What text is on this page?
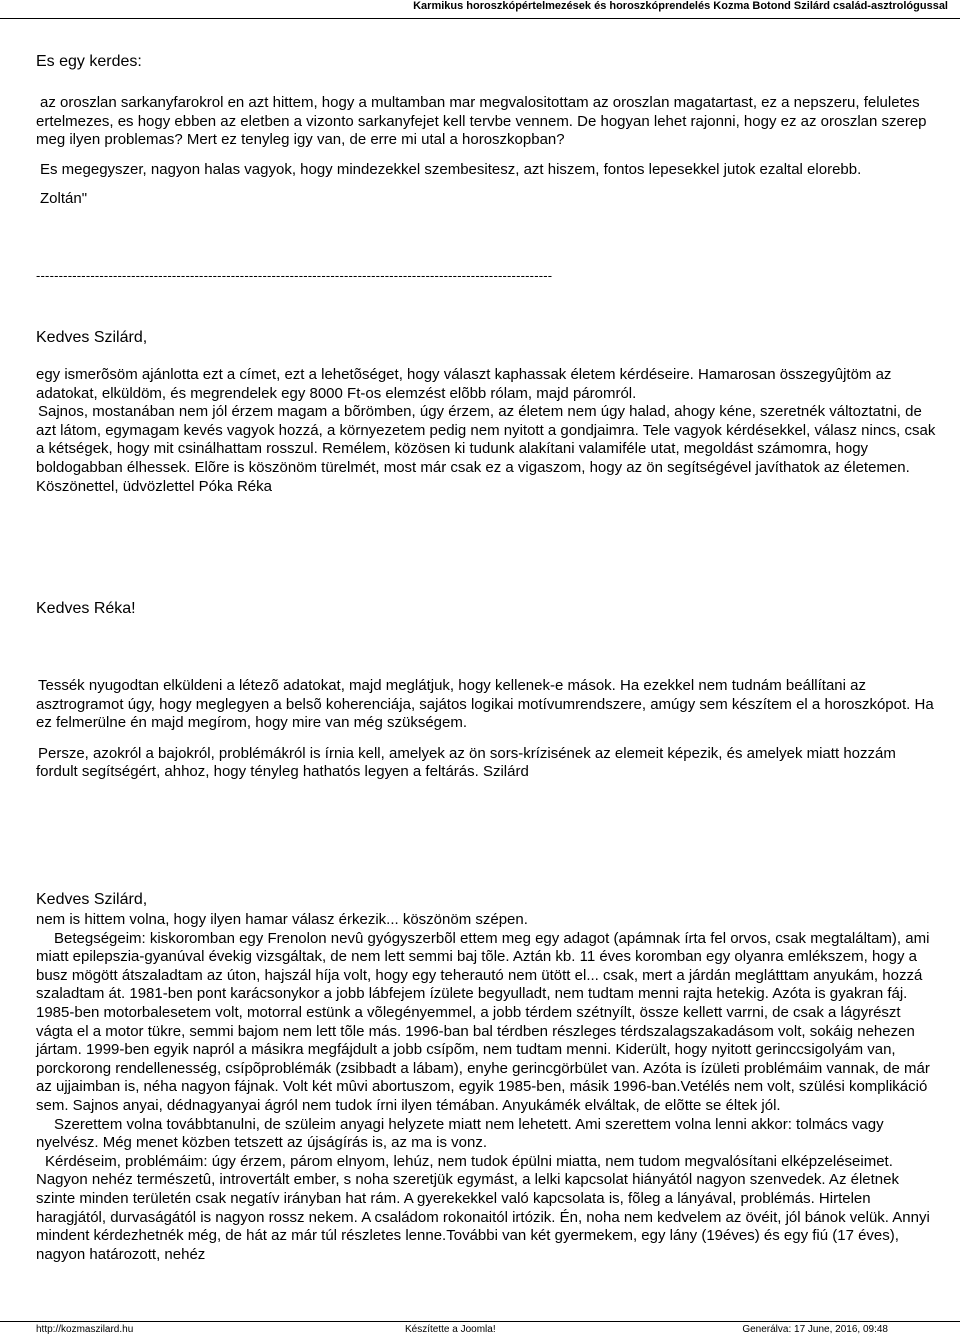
Karmikus horoszkópértelmezések és horoszkóprendelés Kozma Botond Szilárd család-asztrológussal
Es egy kerdes:

az oroszlan sarkanyfarokrol en azt hittem, hogy a multamban mar megvalositottam az oroszlan magatartast, ez a nepszeru, feluletes ertelmezes, es hogy ebben az eletben a vizonto sarkanyfejet kell tervbe vennem. De hogyan lehet rajonni, hogy ez az oroszlan szerep meg ilyen problemas? Mert ez tenyleg igy van, de erre mi utal a horoszkopban?

Es megegyszer, nagyon halas vagyok, hogy mindezekkel szembesitesz, azt hiszem, fontos lepesekkel jutok ezaltal elorebb.

Zoltán"

------------------------------------------------------------------------------------------------------------------
Kedves Szilárd,

egy ismerõsöm ajánlotta ezt a címet, ezt a lehetõséget, hogy választ kaphassak életem kérdéseire. Hamarosan összegyûjtöm az adatokat, elküldöm, és megrendelek egy 8000 Ft-os elemzést elõbb rólam, majd páromról.

Sajnos, mostanában nem jól érzem magam a bõrömben, úgy érzem, az életem nem úgy halad, ahogy kéne, szeretnék változtatni, de azt látom, egymagam kevés vagyok hozzá, a környezetem pedig nem nyitott a gondjaimra. Tele vagyok kérdésekkel, válasz nincs, csak a kétségek, hogy mit csinálhattam rosszul. Remélem, közösen ki tudunk alakítani valamiféle utat, megoldást számomra, hogy boldogabban élhessek. Elõre is köszönöm türelmét, most már csak ez a vigaszom, hogy az ön segítségével javíthatok az életemen. Köszönettel, üdvözlettel Póka Réka

Kedves Réka!

Tessék nyugodtan elküldeni a létezõ adatokat, majd meglátjuk, hogy kellenek-e mások. Ha ezekkel nem tudnám beállítani az asztrogramot úgy, hogy meglegyen a belsõ koherenciája, sajátos logikai motívumrendszere, amúgy sem készítem el a horoszkópot. Ha ez felmerülne én majd megírom, hogy mire van még szükségem.

Persze, azokról a bajokról, problémákról is írnia kell, amelyek az ön sors-krízisének az elemeit képezik, és amelyek miatt hozzám fordult segítségért, ahhoz, hogy tényleg hathatós legyen a feltárás. Szilárd

Kedves Szilárd,

nem is hittem volna, hogy ilyen hamar válasz érkezik... köszönöm szépen.

Betegségeim: kiskoromban egy Frenolon nevû gyógyszerbõl ettem meg egy adagot (apámnak írta fel orvos, csak megtaláltam), ami miatt epilepszia-gyanúval évekig vizsgáltak, de nem lett semmi baj tõle. Aztán kb. 11 éves koromban egy olyanra emlékszem, hogy a busz mögött átszaladtam az úton, hajszál híja volt, hogy egy teherautó nem ütött el... csak, mert a járdán meglátttam anyukám, hozzá szaladtam át. 1981-ben pont karácsonykor a jobb lábfejem ízülete begyulladt, nem tudtam menni rajta hetekig. Azóta is gyakran fáj. 1985-ben motorbalesetem volt, motorral estünk a võlegényemmel, a jobb térdem szétnyílt, össze kellett varrni, de csak a lágyrészt vágta el a motor tükre, semmi bajom nem lett tõle más. 1996-ban bal térdben részleges térdszalagszakadásom volt, sokáig nehezen jártam. 1999-ben egyik napról a másikra megfájdult a jobb csípõm, nem tudtam menni. Kiderült, hogy nyitott gerinccsigolyám van, porckorong rendellenesség, csípõproblémák (zsibbadt a lábam), enyhe gerincgörbület van. Azóta is ízületi problémáim vannak, de már az ujjaimban is, néha nagyon fájnak. Volt két mûvi abortuszom, egyik 1985-ben, másik 1996-ban.Vetélés nem volt, szülési komplikáció sem. Sajnos anyai, dédnagyanyai ágról nem tudok írni ilyen témában. Anyukámék elváltak, de elõtte se éltek jól.

Szerettem volna továbbtanulni, de szüleim anyagi helyzete miatt nem lehetett. Ami szerettem volna lenni akkor: tolmács vagy nyelvész. Még menet közben tetszett az újságírás is, az ma is vonz.

Kérdéseim, problémáim: úgy érzem, párom elnyom, lehúz, nem tudok épülni miatta, nem tudom megvalósítani elképzeléseimet. Nagyon nehéz természetû, introvertált ember, s noha szeretjük egymást, a lelki kapcsolat hiányától nagyon szenvedek. Az életnek szinte minden területén csak negatív irányban hat rám. A gyerekekkel való kapcsolata is, fõleg a lányával, problémás. Hirtelen haragjától, durvaságától is nagyon rossz nekem. A családom rokonaitól irtózik. Én, noha nem kedvelem az övéit, jól bánok velük. Annyi mindent kérdezhetnék még, de hát az már túl részletes lenne.További van két gyermekem, egy lány (19éves) és egy fiú (17 éves), nagyon határozott, nehéz

http://kozmaszilard.hu	Készítette a Joomla!	Generálva: 17 June, 2016, 09:48
